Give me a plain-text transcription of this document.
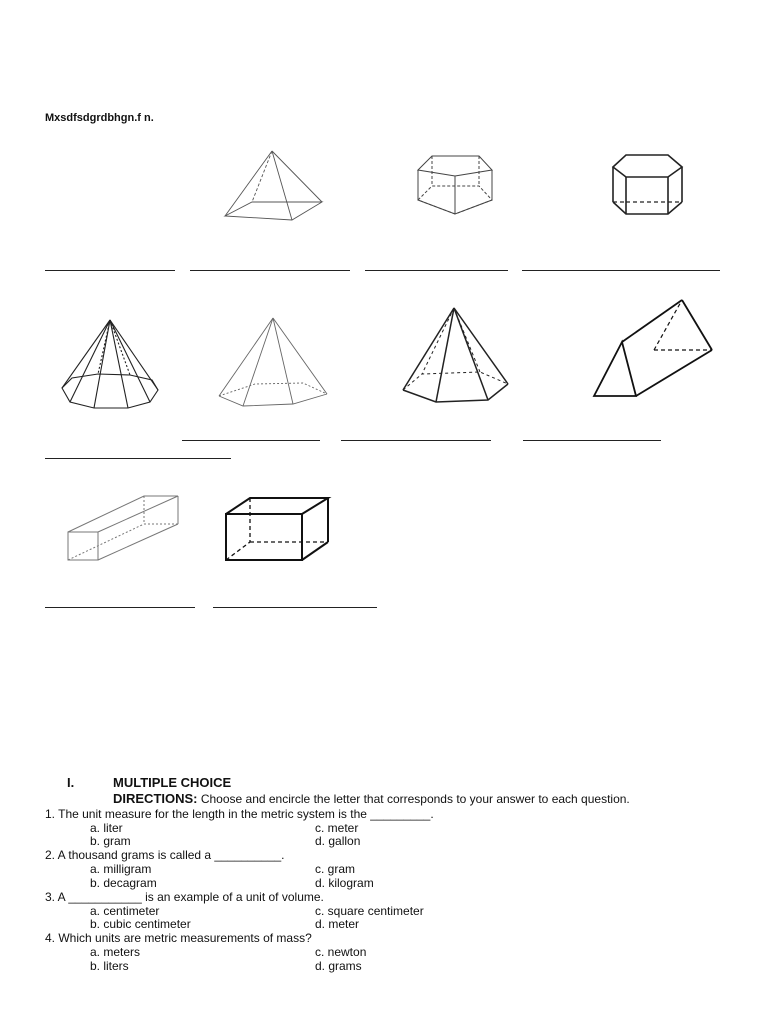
Mxsdfsdgrdbhgn.f n.
I.	MULTIPLE CHOICE
DIRECTIONS: Choose and encircle the letter that corresponds to your answer to each question.
1. The unit measure for the length in the metric system is the _________.
a. liter	c. meter
b. gram	d. gallon
2. A thousand grams is called a __________.
a. milligram	c. gram
b. decagram	d. kilogram
3. A ___________ is an example of a unit of volume.
a. centimeter	c. square centimeter
b. cubic centimeter	d. meter
4. Which units are metric measurements of mass?
a. meters	c. newton
b. liters	d. grams
